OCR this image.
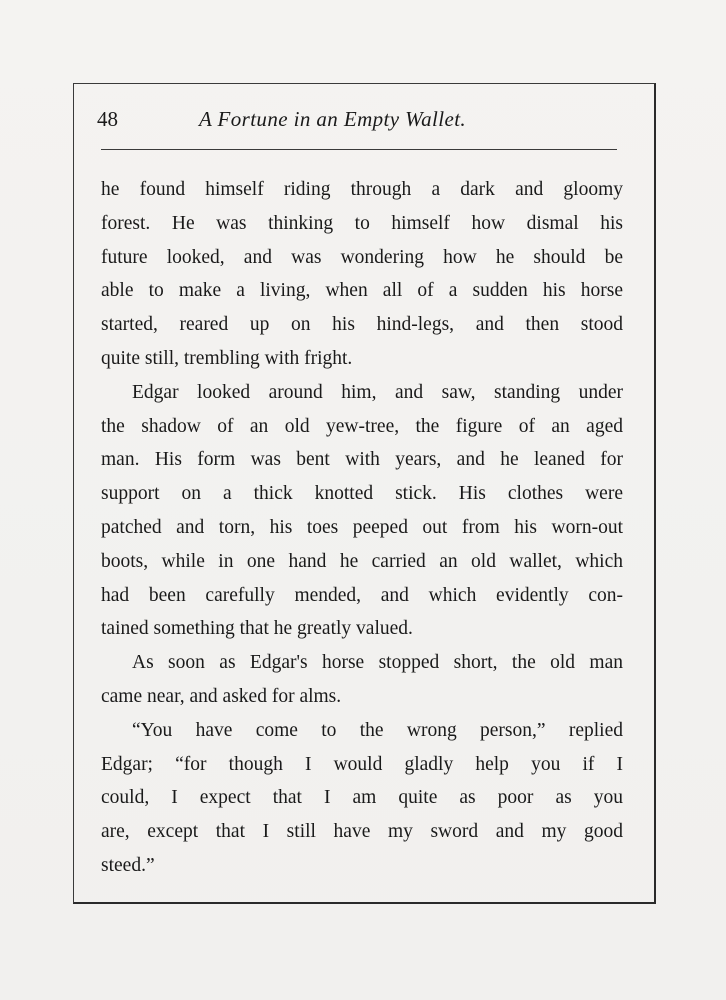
48	A Fortune in an Empty Wallet.
he found himself riding through a dark and gloomy
forest. He was thinking to himself how dismal his
future looked, and was wondering how he should be
able to make a living, when all of a sudden his horse
started, reared up on his hind-legs, and then stood
quite still, trembling with fright.
Edgar looked around him, and saw, standing under
the shadow of an old yew-tree, the figure of an aged
man. His form was bent with years, and he leaned for
support on a thick knotted stick. His clothes were
patched and torn, his toes peeped out from his worn-out
boots, while in one hand he carried an old wallet, which
had been carefully mended, and which evidently con-
tained something that he greatly valued.
As soon as Edgar's horse stopped short, the old man
came near, and asked for alms.
“You have come to the wrong person,” replied
Edgar; “for though I would gladly help you if I
could, I expect that I am quite as poor as you
are, except that I still have my sword and my good
steed.”
